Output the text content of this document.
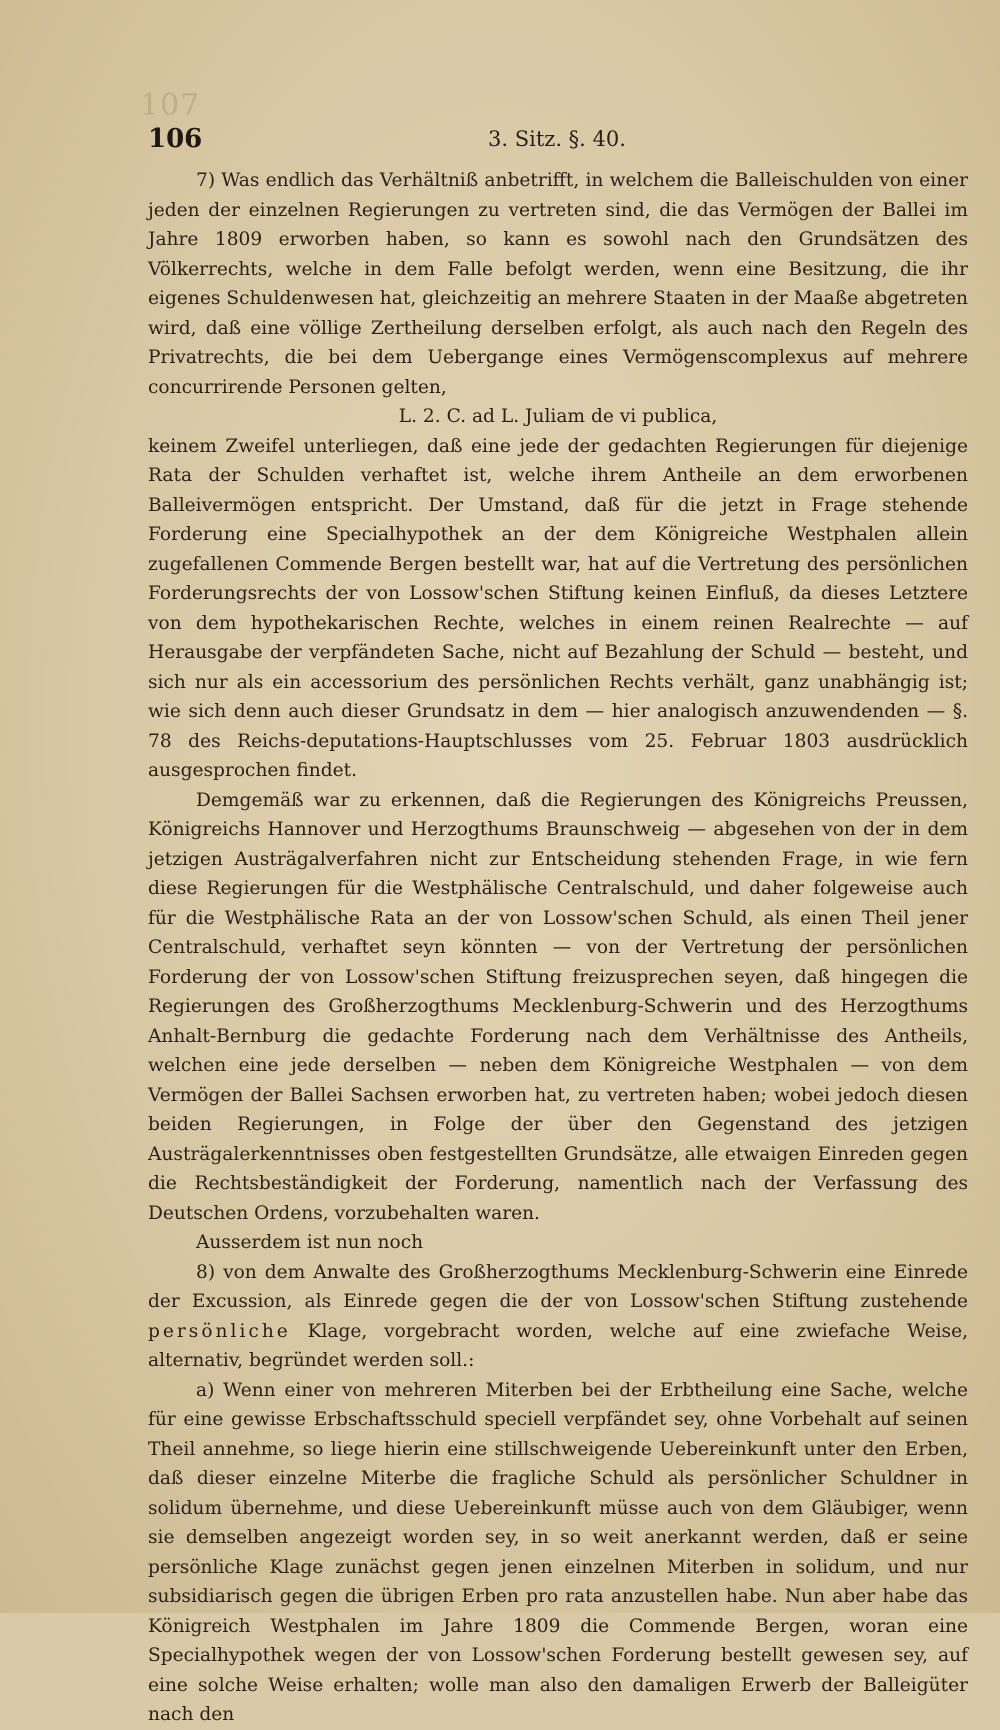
107
106	3. Sitz. §. 40.

7) Was endlich das Verhältniß anbetrifft, in welchem die Balleischulden von einer jeden der einzelnen Regierungen zu vertreten sind, die das Vermögen der Ballei im Jahre 1809 erworben haben, so kann es sowohl nach den Grundsätzen des Völkerrechts, welche in dem Falle befolgt werden, wenn eine Besitzung, die ihr eigenes Schuldenwesen hat, gleichzeitig an mehrere Staaten in der Maaße abgetreten wird, daß eine völlige Zertheilung derselben erfolgt, als auch nach den Regeln des Privatrechts, die bei dem Uebergange eines Vermögenscomplexus auf mehrere concurrirende Personen gelten,

L. 2. C. ad L. Juliam de vi publica,

keinem Zweifel unterliegen, daß eine jede der gedachten Regierungen für diejenige Rata der Schulden verhaftet ist, welche ihrem Antheile an dem erworbenen Balleivermögen entspricht. Der Umstand, daß für die jetzt in Frage stehende Forderung eine Specialhypothek an der dem Königreiche Westphalen allein zugefallenen Commende Bergen bestellt war, hat auf die Vertretung des persönlichen Forderungsrechts der von Lossow'schen Stiftung keinen Einfluß, da dieses Letztere von dem hypothekarischen Rechte, welches in einem reinen Realrechte — auf Herausgabe der verpfändeten Sache, nicht auf Bezahlung der Schuld — besteht, und sich nur als ein accessorium des persönlichen Rechts verhält, ganz unabhängig ist; wie sich denn auch dieser Grundsatz in dem — hier analogisch anzuwendenden — §. 78 des Reichs-deputations-Hauptschlusses vom 25. Februar 1803 ausdrücklich ausgesprochen findet.

Demgemäß war zu erkennen, daß die Regierungen des Königreichs Preussen, Königreichs Hannover und Herzogthums Braunschweig — abgesehen von der in dem jetzigen Austrägalverfahren nicht zur Entscheidung stehenden Frage, in wie fern diese Regierungen für die Westphälische Centralschuld, und daher folgeweise auch für die Westphälische Rata an der von Lossow'schen Schuld, als einen Theil jener Centralschuld, verhaftet seyn könnten — von der Vertretung der persönlichen Forderung der von Lossow'schen Stiftung freizusprechen seyen, daß hingegen die Regierungen des Großherzogthums Mecklenburg-Schwerin und des Herzogthums Anhalt-Bernburg die gedachte Forderung nach dem Verhältnisse des Antheils, welchen eine jede derselben — neben dem Königreiche Westphalen — von dem Vermögen der Ballei Sachsen erworben hat, zu vertreten haben; wobei jedoch diesen beiden Regierungen, in Folge der über den Gegenstand des jetzigen Austrägalerkenntnisses oben festgestellten Grundsätze, alle etwaigen Einreden gegen die Rechtsbeständigkeit der Forderung, namentlich nach der Verfassung des Deutschen Ordens, vorzubehalten waren.

Ausserdem ist nun noch

8) von dem Anwalte des Großherzogthums Mecklenburg-Schwerin eine Einrede der Excussion, als Einrede gegen die der von Lossow'schen Stiftung zustehende persönliche Klage, vorgebracht worden, welche auf eine zwiefache Weise, alternativ, begründet werden soll.:

a) Wenn einer von mehreren Miterben bei der Erbtheilung eine Sache, welche für eine gewisse Erbschaftsschuld speciell verpfändet sey, ohne Vorbehalt auf seinen Theil annehme, so liege hierin eine stillschweigende Uebereinkunft unter den Erben, daß dieser einzelne Miterbe die fragliche Schuld als persönlicher Schuldner in solidum übernehme, und diese Uebereinkunft müsse auch von dem Gläubiger, wenn sie demselben angezeigt worden sey, in so weit anerkannt werden, daß er seine persönliche Klage zunächst gegen jenen einzelnen Miterben in solidum, und nur subsidiarisch gegen die übrigen Erben pro rata anzustellen habe. Nun aber habe das Königreich Westphalen im Jahre 1809 die Commende Bergen, woran eine Specialhypothek wegen der von Lossow'schen Forderung bestellt gewesen sey, auf eine solche Weise erhalten; wolle man also den damaligen Erwerb der Balleigüter nach den
